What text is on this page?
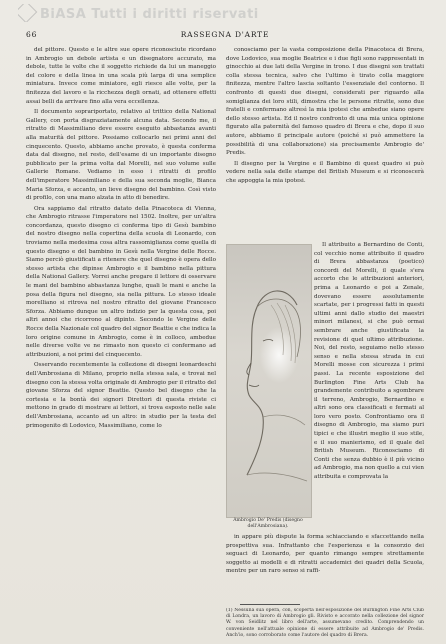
BiASA Tutti i diritti riservati
66	RASSEGNA D'ARTE

del pittore. Questo e le altre sue opere riconosciute ricordano in Ambrogio un debole artista e un disegnatore accurato, ma debole, tutte le volte che il soggetto richiede da lui un maneggio del colore e della linea in una scala più larga di una semplice miniatura. Invece come miniatore, egli riesce alle volte, per la finitezza del lavoro e la ricchezza degli ornati, ad ottenere effetti assai belli da arrivare fino alla vera eccellenza.

Il documento soprariportato, relativo al trittico della National Gallery, con porta disgraziatamente alcuna data. Secondo me, il ritratto di Massimiliano deve essere eseguito abbastanza avanti alla maturità del pittore. Possiamo collocarlo nei primi anni del cinquecento. Questo, abbiamo anche provato, è questa conferma data dal disegno, nel resto, dell'esame di un importante disegno pubblicato per la prima volta dal Morelli, nel suo volume sulle Gallerie Romane. Vediamo in esso i ritratti di profilo dell'imperatore Massimiliano e della sua seconda moglie, Bianca Maria Sforza, e accanto, un lieve disegno del bambino. Così visto di profilo, con una mano alzata in atto di benedire.

Ora sappiamo dal ritratto datato della Pinacoteca di Vienna, che Ambrogio ritrasse l'imperatore nel 1502. Inoltre, per un'altra concordanza, questo disegno ci conferma tipo di Gesù bambino del nostro disegno nella copertina della scuola di Leonardo, con troviamo nella medesima cosa altra rassomiglianza come quella di questo disegno e del bambino in Gesù nella Vergine delle Rocce. Siamo perciò giustificati a ritenere che quel disegno è opera dello stesso artista che dipinse Ambrogio e il bambino nella pittura della National Gallery. Vorrei anche pregare il lettore di osservare le mani del bambino abbastanza lunghe, quali le mani e anche la posa della figura nel disegno, sia nella pittura. Lo stesso ideale morelliano si ritrova nel nostro ritratto del giovane Francesco Sforza. Abbiamo dunque un altro indizio per la questa cosa, poi altri annoi che ricorrono al dipinto. Secondo le Vergine delle Rocce della Nazionale col quadro del signor Beattie e che indica la loro origine comune in Ambrogio, come è in colloco, ambedue nelle diverse volte ve ne rimasto non questo ci confermano ad attribuzioni, a noi primi del cinquecento.

Osservando recentemente la collezione di disegni leonardeschi dell'Ambrosiana di Milano, proprio nella stessa sala, e trovai nel disegno con la stessa volta originale di Ambrogio per il ritratto del giovane Sforza del signor Beattie. Questo bel disegno che la cortesia e la bontà dei signori Direttori di questa riviste ci mettono in grado di mostrare ai lettori, si trova esposto nelle sale dell'Ambrosiana, accanto ad un altro: in studio per la testa del primogenito di Lodovico, Massimiliano, come lo

conosciamo per la vasta composizione della Pinacoteca di Brera, dove Lodovico, sua moglie Beatrice e i due figli sono rappresentati in ginocchio ai due lati della Vergine in trono. I due disegni son trattati colla stessa tecnica, salvo che l'ultimo è tirato colla maggiore finitezza, mentre l'altro lascia soltanto l'essenziale del contorno. Il confronto di questi due disegni, considerati per riguardo alla somiglianza dei loro stili, dimostra che le persone ritratte, sono due fratelli e confermano altresì la mia ipotesi che ambedue siano opere dello stesso artista. Ed il nostro confronto di una mia unica opinione figurato alla paternità del famoso quadro di Brera e che, dopo il suo autore, abbiamo il principale autore (poiché si può ammettere la possibilità di una collaborazione) sia precisamente Ambrogio de' Predis.

Il disegno per la Vergine e il Bambino di quest quadro si può vedere nella sala delle stampe del British Museum e si riconoscerà che appoggia la mia ipotesi.

Ambrogio De' Predis (disegno dell'Ambrosiana).

Il attribuito a Bernardino de Conti, col vecchio nome attribuito il quadro di Brera abbastanza (poetico) concordi del Morelli, il quale s'era accorto che le attribuzioni anteriori, prima a Leonardo e poi a Zenale, dovevano essere assolutamente scartate, per i progressi fatti in questi ultimi anni dallo studio dei maestri minori milanesi, si che può ormai sembrare anche giustificata la revisione di quel ultimo attribuzione. Noi, del resto, seguiamo nello stesso senso e nella stessa strada in cui Morelli mosse con sicurezza i primi passi. La recente esposizione del Burlington Fine Arts Club ha grandemente contribuito a sgombrare il terreno, Ambrogio, Bernardino e altri sono ora classificati e fermati al loro vero posto. Confrontiamo ora il disegno di Ambrogio, ma siamo puri tipici e che illustri meglio il suo stile, e il suo manierismo, ed il quale del British Museum. Riconosciamo di Conti che senza dubbio è il più vicino ad Ambrogio, ma non quello a cui vien attribuita e comprovata la

in appare più dispute la forma schiacciando e sfaccettando nella prospettiva sua. Infrattanto che l'esperienza e la consorzio dei seguaci di Leonardo, per quanto rimango sempre strettamente soggetto ai modelli e di ritratti accademici dei quadri della Scuola, mentre per un raro senso si raffi-

(1) Nessuna sua opera, con, scoperta nell'esposizione del Burlington Fine Arts Club di Londra, un lavoro di Ambrogio gli. Rivisto e accorato nella collezione del signor W. von Seidlitz nel libro dell'arte, assumevano credito. Comprendendo un conveniente nell'attuale opinione di essere attribuite ad Ambrogio de' Predis. Anch'io, sono corroborato come l'autore del quadro di Brera.
